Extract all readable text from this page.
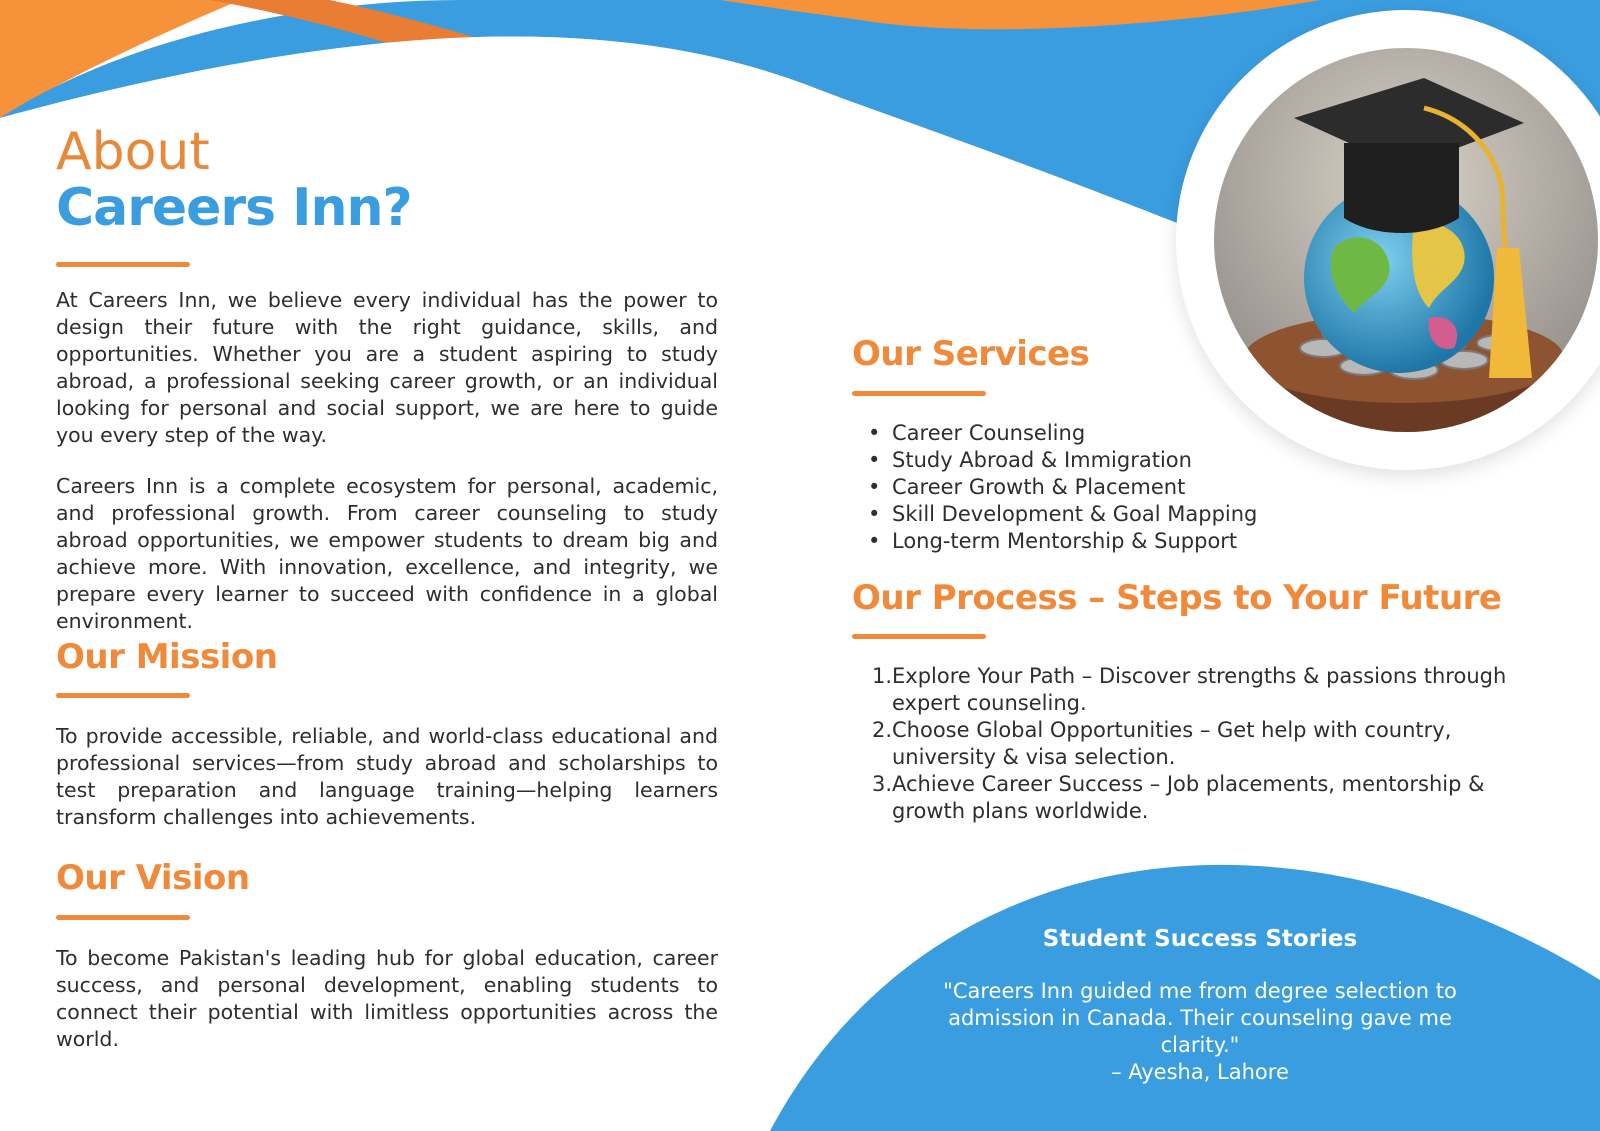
About
Careers Inn?

At Careers Inn, we believe every individual has the power to design their future with the right guidance, skills, and opportunities. Whether you are a student aspiring to study abroad, a professional seeking career growth, or an individual looking for personal and social support, we are here to guide you every step of the way.

Careers Inn is a complete ecosystem for personal, academic, and professional growth. From career counseling to study abroad opportunities, we empower students to dream big and achieve more. With innovation, excellence, and integrity, we prepare every learner to succeed with confidence in a global environment.

Our Mission

To provide accessible, reliable, and world-class educational and professional services—from study abroad and scholarships to test preparation and language training—helping learners transform challenges into achievements.

Our Vision

To become Pakistan's leading hub for global education, career success, and personal development, enabling students to connect their potential with limitless opportunities across the world.

Our Services
• Career Counseling
• Study Abroad & Immigration
• Career Growth & Placement
• Skill Development & Goal Mapping
• Long-term Mentorship & Support
Our Process – Steps to Your Future
1. Explore Your Path – Discover strengths & passions through expert counseling.
2. Choose Global Opportunities – Get help with country, university & visa selection.
3. Achieve Career Success – Job placements, mentorship & growth plans worldwide.
Student Success Stories
"Careers Inn guided me from degree selection to admission in Canada. Their counseling gave me clarity."
– Ayesha, Lahore
